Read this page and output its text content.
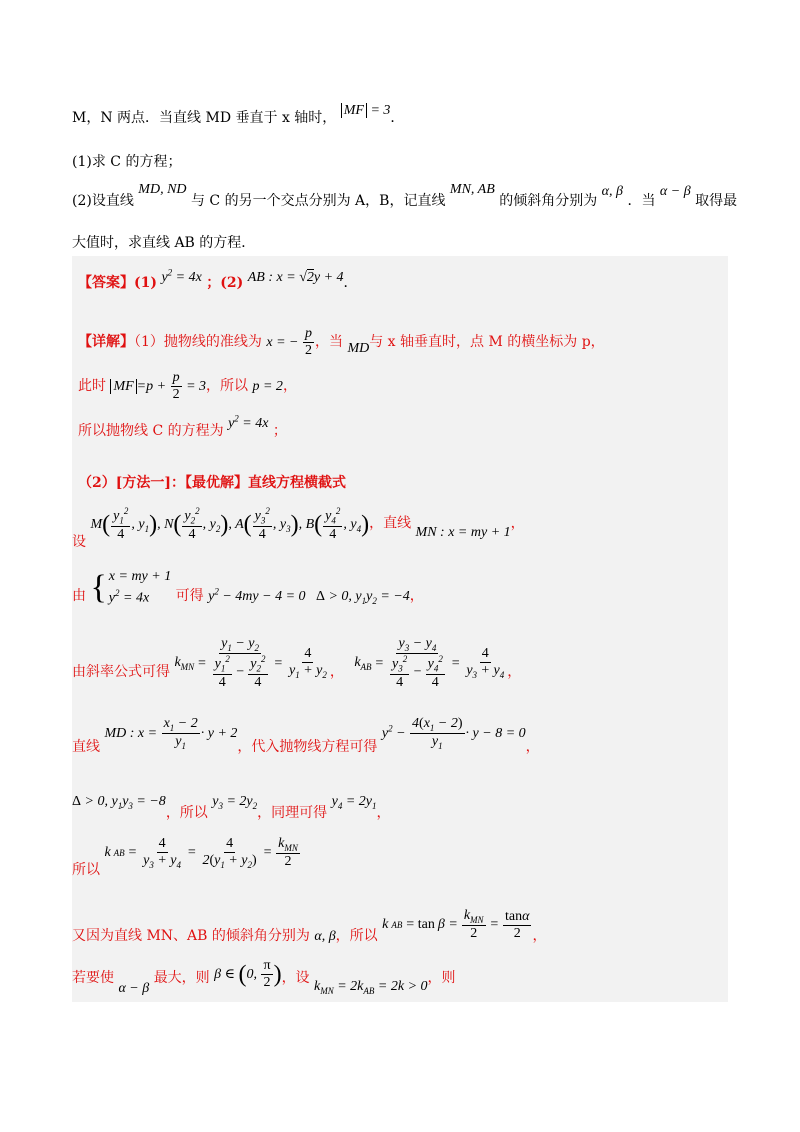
M，N 两点．当直线 MD 垂直于 x 轴时， MF = 3．
(1)求 C 的方程；
(2)设直线 MD, ND 与 C 的另一个交点分别为 A，B，记直线 MN, AB 的倾斜角分别为 α, β ．当 α − β 取得最
大值时，求直线 AB 的方程．
【答案】(1) $y^2 = 4x$ ；(2) AB : x = √2y + 4．
【详解】（1）抛物线的准线为 x = − $\frac{p}{2}$ ，当 MD与 x 轴垂直时，点 M 的横坐标为 p，
此时 MF $=p + \frac{p}{2} = 3$，所以 p = 2，
所以抛物线 C 的方程为 $y^2 = 4x$ ；
（2）[方法一]：【最优解】直线方程横截式
设 $M( \frac{y_1^2}{4}$ , $y_1$), $N( \frac{y_2^2}{4}$ , $y_2$), $A( \frac{y_3^2}{4}$ , $y_3$), $B( \frac{y_4^2}{4}$ , $y_4$)，直线 MN : x = my + 1，
由 { x = my + 1
$y^2 = 4x$	可得 $y^2 - 4my - 4 = 0$ Δ > 0, $y_1y_2 = -4$，
由斜率公式可得
$k_{MN} = \frac{y_1 - y_2}{\frac{y_1^2}{4} - \frac{y_2^2}{4}} = \frac{4}{y_1 + y_2}$ ，
$k_{AB} = \frac{y_3 - y_4}{\frac{y_3^2}{4} - \frac{y_4^2}{4}} = \frac{4}{y_3 + y_4}$ ，
直线 MD : $x = \frac{x_1 - 2}{y_1} \cdot y + 2$，代入抛物线方程可得 $y^2 - \frac{4(x_1 - 2)}{y_1} \cdot y - 8 = 0$，
Δ > 0, $y_1y_3 = -8$，所以 $y_3 = 2y_2$，同理可得 $y_4 = 2y_1$，
所以 k AB = $\frac{4}{y_3 + y_4} = \frac{4}{2(y_1 + y_2)} = \frac{k_{MN}}{2}$
又因为直线 MN、AB 的倾斜角分别为 α, β，所以 k AB = $\tan \beta = \frac{k_{MN}}{2} = \frac{\tan\alpha}{2}$ ，
若要使 α − β 最大，则 β ∈ (0, $\frac{\pi}{2}$ )，设 $k_{MN} = 2k_{AB} = 2k > 0$，则
